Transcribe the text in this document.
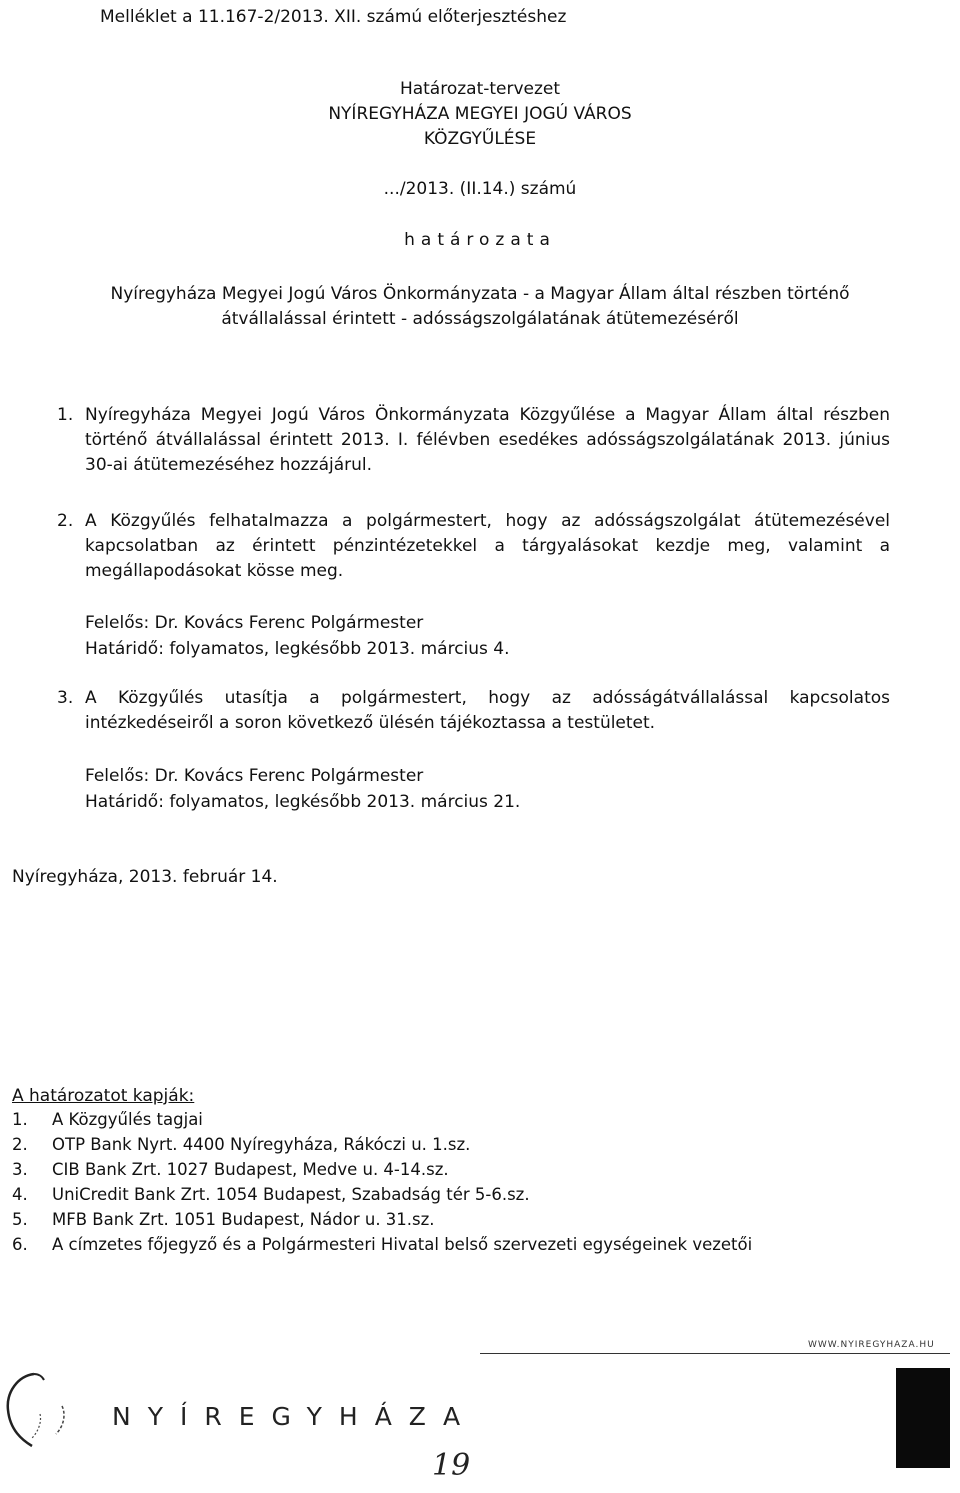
Melléklet a 11.167-2/2013. XII. számú előterjesztéshez
Határozat-tervezet
NYÍREGYHÁZA MEGYEI JOGÚ VÁROS
KÖZGYŰLÉSE
.../2013. (II.14.) számú
határozata
Nyíregyháza Megyei Jogú Város Önkormányzata - a Magyar Állam által részben történő
átvállalással érintett - adósságszolgálatának átütemezéséről
1. Nyíregyháza Megyei Jogú Város Önkormányzata Közgyűlése a Magyar Állam által részben történő átvállalással érintett 2013. I. félévben esedékes adósságszolgálatának 2013. június 30-ai átütemezéséhez hozzájárul.
2. A Közgyűlés felhatalmazza a polgármestert, hogy az adósságszolgálat átütemezésével kapcsolatban az érintett pénzintézetekkel a tárgyalásokat kezdje meg, valamint a megállapodásokat kösse meg.
Felelős: Dr. Kovács Ferenc Polgármester
Határidő: folyamatos, legkésőbb 2013. március 4.
3. A Közgyűlés utasítja a polgármestert, hogy az adósságátvállalással kapcsolatos intézkedéseiről a soron következő ülésén tájékoztassa a testületet.
Felelős: Dr. Kovács Ferenc Polgármester
Határidő: folyamatos, legkésőbb 2013. március 21.
Nyíregyháza, 2013. február 14.
A határozatot kapják:
1. A Közgyűlés tagjai
2. OTP Bank Nyrt. 4400 Nyíregyháza, Rákóczi u. 1.sz.
3. CIB Bank Zrt. 1027 Budapest, Medve u. 4-14.sz.
4. UniCredit Bank Zrt. 1054 Budapest, Szabadság tér 5-6.sz.
5. MFB Bank Zrt. 1051 Budapest, Nádor u. 31.sz.
6. A címzetes főjegyző és a Polgármesteri Hivatal belső szervezeti egységeinek vezetői
WWW.NYIREGYHAZA.HU
NYÍREGYHÁZA
19
